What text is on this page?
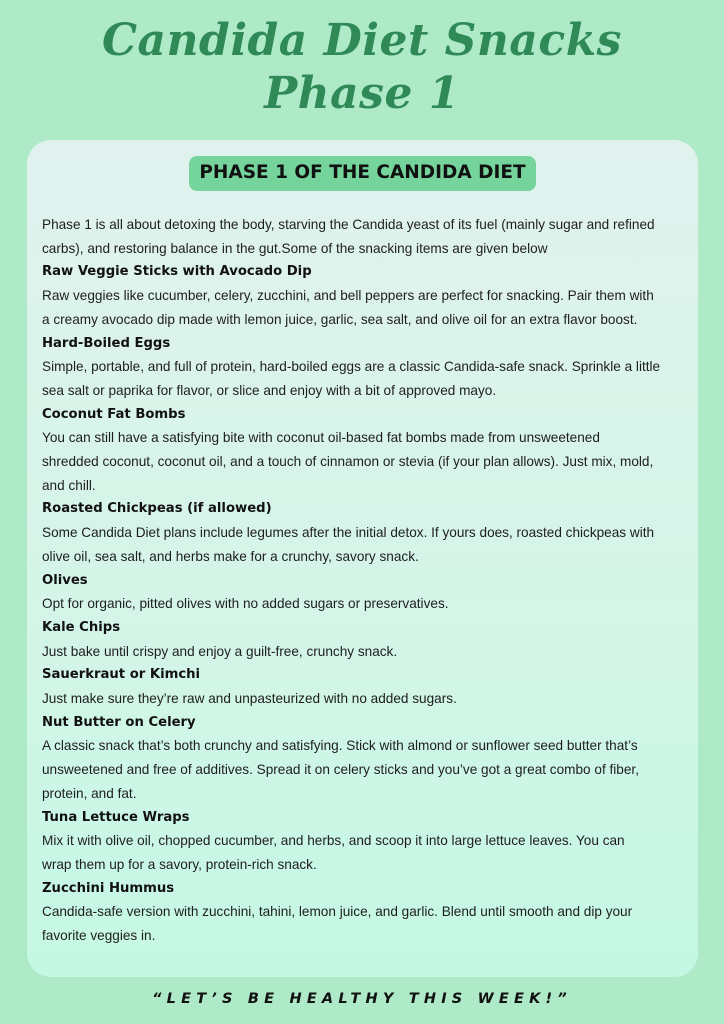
Candida Diet Snacks
Phase 1
PHASE 1 OF THE CANDIDA DIET

Phase 1 is all about detoxing the body, starving the Candida yeast of its fuel (mainly sugar and refined

carbs), and restoring balance in the gut.Some of the snacking items are given below

Raw Veggie Sticks with Avocado Dip

Raw veggies like cucumber, celery, zucchini, and bell peppers are perfect for snacking. Pair them with

a creamy avocado dip made with lemon juice, garlic, sea salt, and olive oil for an extra flavor boost.

Hard-Boiled Eggs

Simple, portable, and full of protein, hard-boiled eggs are a classic Candida-safe snack. Sprinkle a little

sea salt or paprika for flavor, or slice and enjoy with a bit of approved mayo.

Coconut Fat Bombs

You can still have a satisfying bite with coconut oil-based fat bombs made from unsweetened

shredded coconut, coconut oil, and a touch of cinnamon or stevia (if your plan allows). Just mix, mold,

and chill.

Roasted Chickpeas (if allowed)

Some Candida Diet plans include legumes after the initial detox. If yours does, roasted chickpeas with

olive oil, sea salt, and herbs make for a crunchy, savory snack.

Olives

Opt for organic, pitted olives with no added sugars or preservatives.

Kale Chips

Just bake until crispy and enjoy a guilt-free, crunchy snack.

Sauerkraut or Kimchi

Just make sure they’re raw and unpasteurized with no added sugars.

Nut Butter on Celery

A classic snack that’s both crunchy and satisfying. Stick with almond or sunflower seed butter that’s

unsweetened and free of additives. Spread it on celery sticks and you’ve got a great combo of fiber,

protein, and fat.

Tuna Lettuce Wraps

Mix it with olive oil, chopped cucumber, and herbs, and scoop it into large lettuce leaves. You can

wrap them up for a savory, protein-rich snack.

Zucchini Hummus

Candida-safe version with zucchini, tahini, lemon juice, and garlic. Blend until smooth and dip your

favorite veggies in.

“LET’S BE HEALTHY THIS WEEK!”
